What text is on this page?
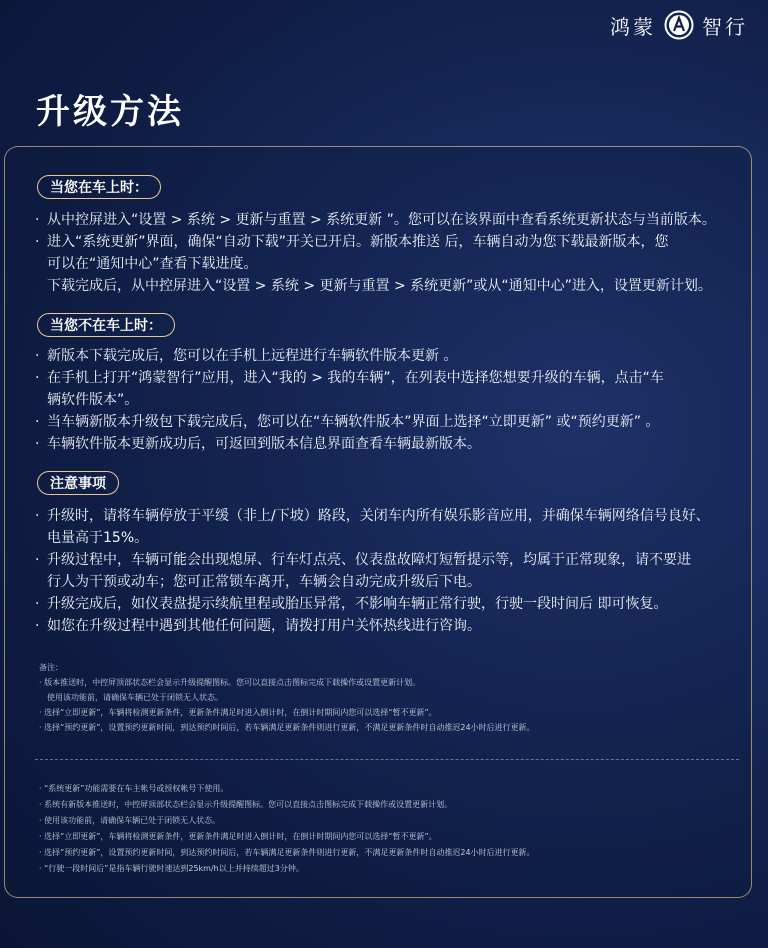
鸿蒙 智行
升级方法
当您在车上时：
· 从中控屏进入“设置 > 系统 > 更新与重置 > 系统更新 ”。您可以在该界面中查看系统更新状态与当前版本。
· 进入“系统更新”界面，确保“自动下载”开关已开启。新版本推送 后，车辆自动为您下载最新版本，您
可以在“通知中心”查看下载进度。
下载完成后，从中控屏进入“设置 > 系统 > 更新与重置 > 系统更新”或从“通知中心”进入，设置更新计划。
当您不在车上时：
· 新版本下载完成后，您可以在手机上远程进行车辆软件版本更新 。
· 在手机上打开“鸿蒙智行”应用，进入“我的 > 我的车辆”，在列表中选择您想要升级的车辆，点击“车
辆软件版本”。
· 当车辆新版本升级包下载完成后，您可以在“车辆软件版本”界面上选择“立即更新” 或“预约更新” 。
· 车辆软件版本更新成功后，可返回到版本信息界面查看车辆最新版本。
注意事项
· 升级时，请将车辆停放于平缓（非上/下坡）路段，关闭车内所有娱乐影音应用，并确保车辆网络信号良好、
电量高于15%。
· 升级过程中，车辆可能会出现熄屏、行车灯点亮、仪表盘故障灯短暂提示等，均属于正常现象，请不要进
行人为干预或动车；您可正常锁车离开，车辆会自动完成升级后下电。
· 升级完成后，如仪表盘提示续航里程或胎压异常，不影响车辆正常行驶，行驶一段时间后 即可恢复。
· 如您在升级过程中遇到其他任何问题，请拨打用户关怀热线进行咨询。
备注：
· 版本推送时，中控屏顶部状态栏会显示升级提醒图标。您可以直接点击图标完成下载操作或设置更新计划。
使用该功能前，请确保车辆已处于闭锁无人状态。
· 选择“立即更新”，车辆将检测更新条件，更新条件满足时进入倒计时，在倒计时期间内您可以选择“暂不更新”。
· 选择“预约更新”，设置预约更新时间，到达预约时间后，若车辆满足更新条件则进行更新，不满足更新条件时自动推迟24小时后进行更新。
· “系统更新”功能需要在车主帐号或授权帐号下使用。
· 系统有新版本推送时，中控屏顶部状态栏会显示升级提醒图标。您可以直接点击图标完成下载操作或设置更新计划。
· 使用该功能前，请确保车辆已处于闭锁无人状态。
· 选择“立即更新”，车辆将检测更新条件，更新条件满足时进入倒计时，在倒计时期间内您可以选择“暂不更新”。
· 选择“预约更新”，设置预约更新时间，到达预约时间后，若车辆满足更新条件则进行更新，不满足更新条件时自动推迟24小时后进行更新。
· “行驶一段时间后”是指车辆行驶时速达到25km/h以上并持续超过3分钟。
